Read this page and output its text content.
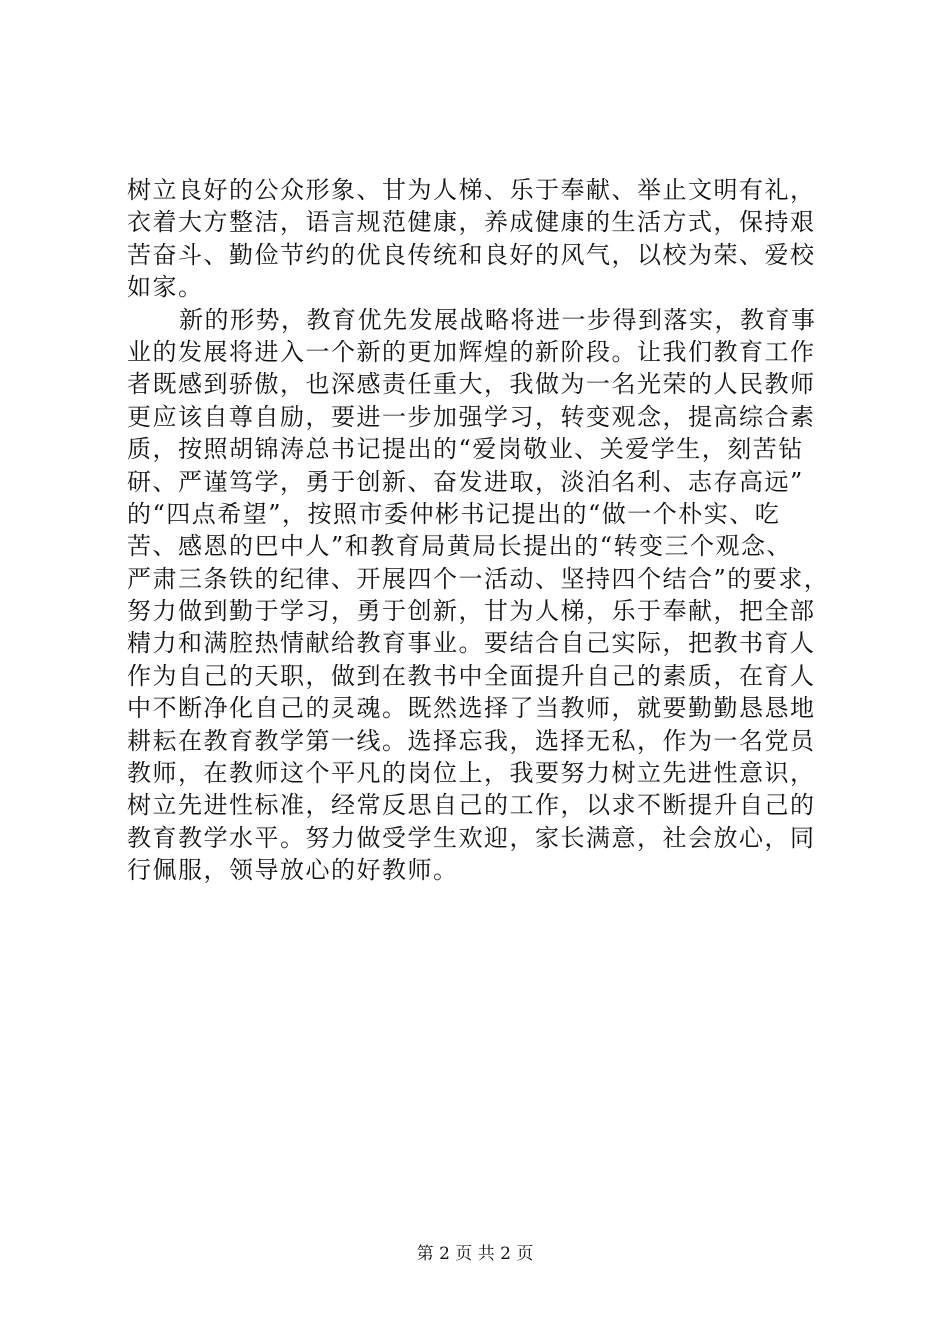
树立良好的公众形象、甘为人梯、乐于奉献、举止文明有礼，
衣着大方整洁，语言规范健康，养成健康的生活方式，保持艰
苦奋斗、勤俭节约的优良传统和良好的风气，以校为荣、爱校
如家。
新的形势，教育优先发展战略将进一步得到落实，教育事
业的发展将进入一个新的更加辉煌的新阶段。让我们教育工作
者既感到骄傲，也深感责任重大，我做为一名光荣的人民教师
更应该自尊自励，要进一步加强学习，转变观念，提高综合素
质，按照胡锦涛总书记提出的“爱岗敬业、关爱学生，刻苦钻
研、严谨笃学，勇于创新、奋发进取，淡泊名利、志存高远”
的“四点希望”，按照市委仲彬书记提出的“做一个朴实、吃
苦、感恩的巴中人”和教育局黄局长提出的“转变三个观念、
严肃三条铁的纪律、开展四个一活动、坚持四个结合”的要求，
努力做到勤于学习，勇于创新，甘为人梯，乐于奉献，把全部
精力和满腔热情献给教育事业。要结合自己实际，把教书育人
作为自己的天职，做到在教书中全面提升自己的素质，在育人
中不断净化自己的灵魂。既然选择了当教师，就要勤勤恳恳地
耕耘在教育教学第一线。选择忘我，选择无私，作为一名党员
教师，在教师这个平凡的岗位上，我要努力树立先进性意识，
树立先进性标准，经常反思自己的工作，以求不断提升自己的
教育教学水平。努力做受学生欢迎，家长满意，社会放心，同
行佩服，领导放心的好教师。
第 2 页 共 2 页
